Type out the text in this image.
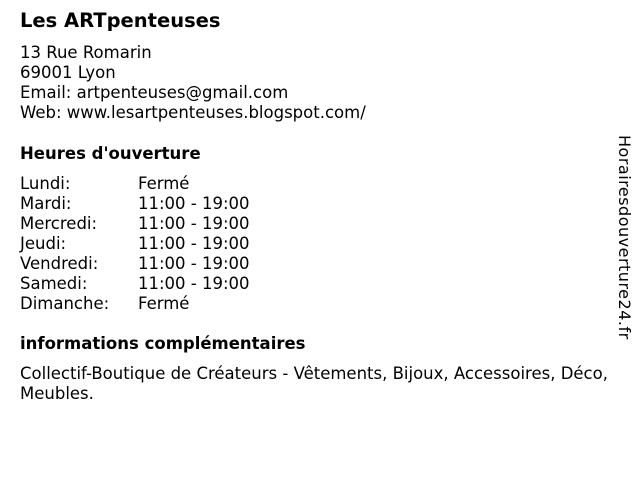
Les ARTpenteuses
13 Rue Romarin
69001 Lyon
Email: artpenteuses@gmail.com
Web: www.lesartpenteuses.blogspot.com/
Heures d'ouverture
Lundi:	Fermé
Mardi:	11:00 - 19:00
Mercredi:	11:00 - 19:00
Jeudi:	11:00 - 19:00
Vendredi:	11:00 - 19:00
Samedi:	11:00 - 19:00
Dimanche:	Fermé
informations complémentaires
Collectif-Boutique de Créateurs - Vêtements, Bijoux, Accessoires, Déco, Meubles.
Horairesdouverture24.fr
